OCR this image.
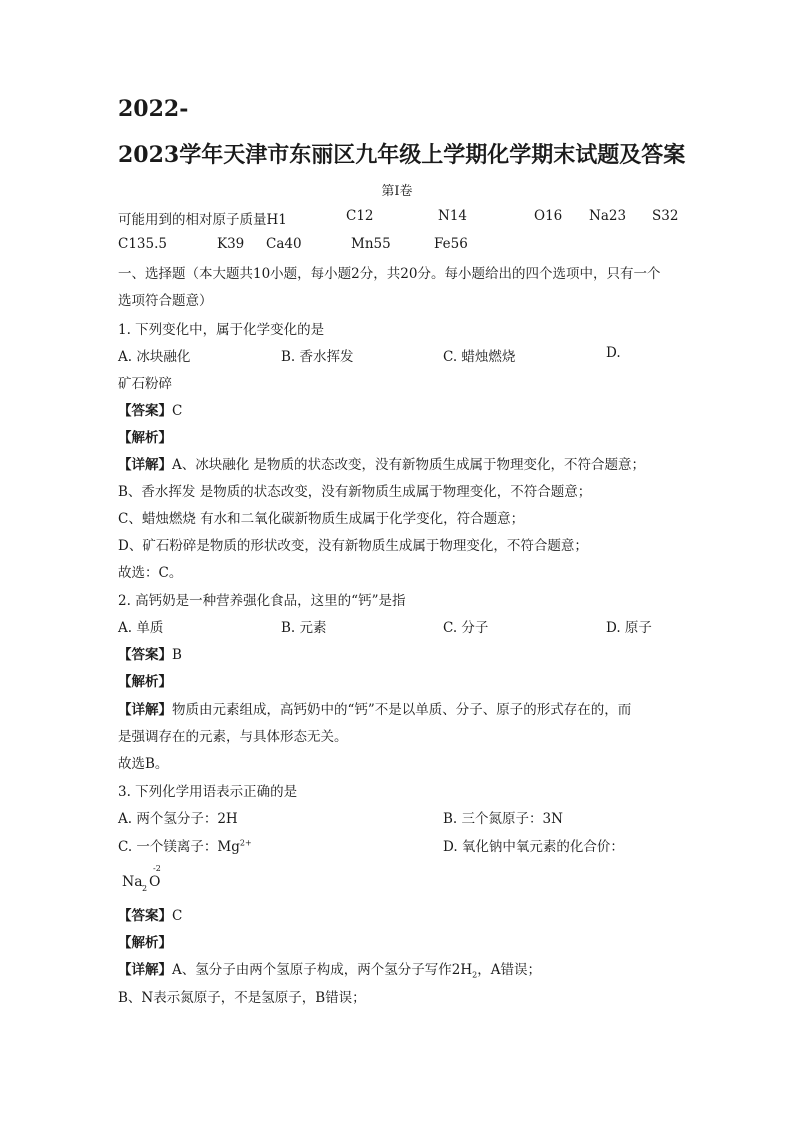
2022-
2023学年天津市东丽区九年级上学期化学期末试题及答案
第I卷
可能用到的相对原子质量H1	C12	N14	O16 Na23 S32
C135.5	K39 Ca40	Mn55	Fe56
一、选择题（本大题共10小题，每小题2分，共20分。每小题给出的四个选项中，只有一个
选项符合题意）
1. 下列变化中，属于化学变化的是
A. 冰块融化	B. 香水挥发	C. 蜡烛燃烧	D.
矿石粉碎
【答案】C
【解析】
【详解】A、冰块融化 是物质的状态改变，没有新物质生成属于物理变化，不符合题意；
B、香水挥发 是物质的状态改变，没有新物质生成属于物理变化，不符合题意；
C、蜡烛燃烧 有水和二氧化碳新物质生成属于化学变化，符合题意；
D、矿石粉碎是物质的形状改变，没有新物质生成属于物理变化，不符合题意；
故选：C。
2. 高钙奶是一种营养强化食品，这里的“钙”是指
A. 单质	B. 元素	C. 分子	D. 原子
【答案】B
【解析】
【详解】物质由元素组成，高钙奶中的“钙”不是以单质、分子、原子的形式存在的，而
是强调存在的元素，与具体形态无关。
故选B。
3. 下列化学用语表示正确的是
A. 两个氢分子：2H	B. 三个氮原子：3N
C. 一个镁离子：$Mg^{2+}$	D. 氧化钠中氧元素的化合价：
Na 2 O
-2
【答案】C
【解析】
【详解】A、氢分子由两个氢原子构成，两个氢分子写作$2H_2$，A错误；
B、N表示氮原子，不是氢原子，B错误；
